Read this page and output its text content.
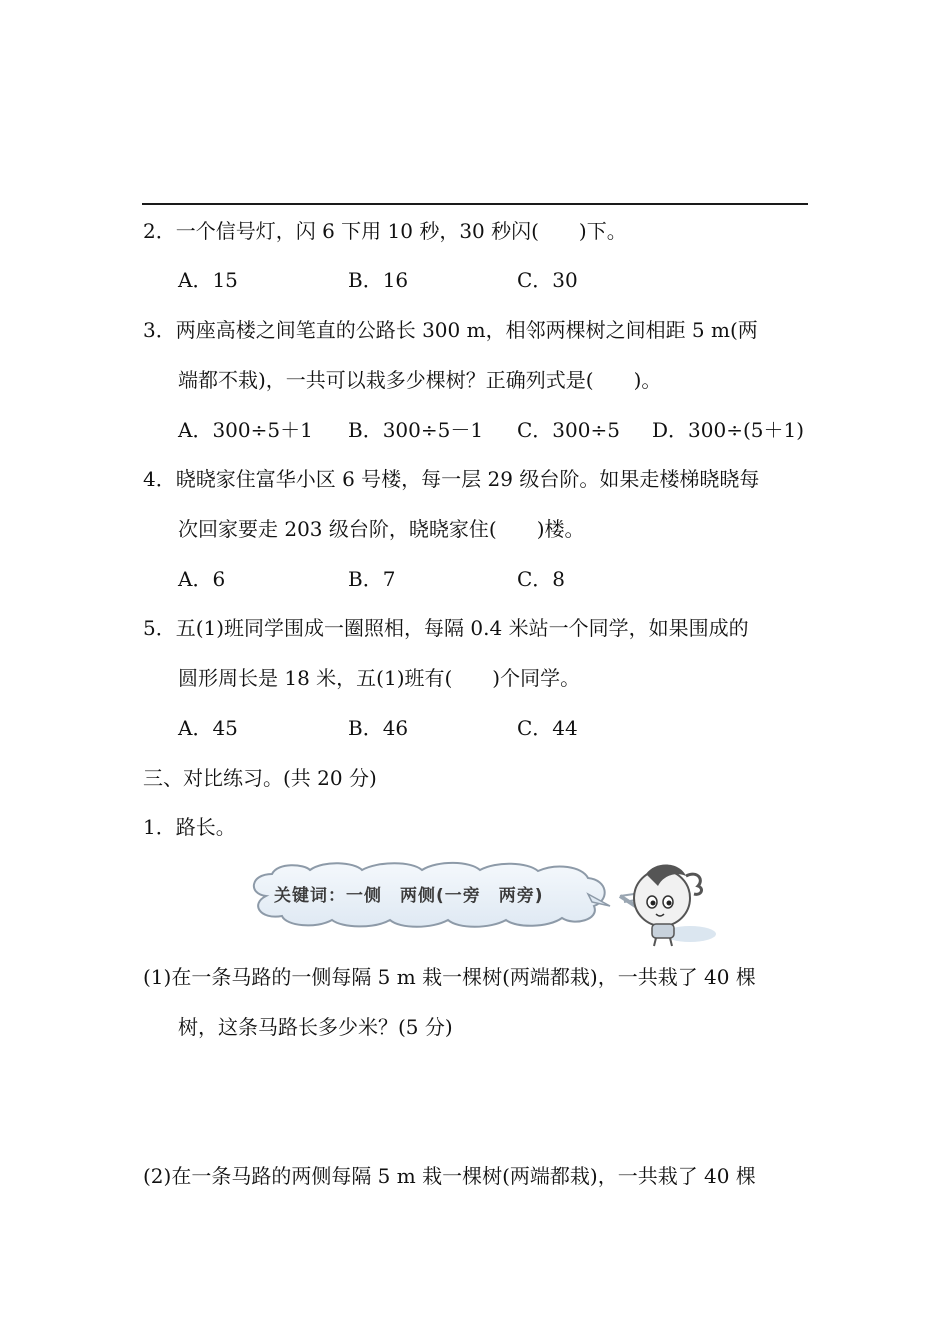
2．一个信号灯，闪 6 下用 10 秒，30 秒闪(　　)下。
A．15	B．16	C．30
3．两座高楼之间笔直的公路长 300 m，相邻两棵树之间相距 5 m(两
端都不栽)，一共可以栽多少棵树？正确列式是(　　)。
A．300÷5＋1 B．300÷5－1 C．300÷5 D．300÷(5＋1)
4．晓晓家住富华小区 6 号楼，每一层 29 级台阶。如果走楼梯晓晓每
次回家要走 203 级台阶，晓晓家住(　　)楼。
A．6	B．7	C．8
5．五(1)班同学围成一圈照相，每隔 0.4 米站一个同学，如果围成的
圆形周长是 18 米，五(1)班有(　　)个同学。
A．45	B．46	C．44
三、对比练习。(共 20 分)
1．路长。
关键词：一侧　两侧(一旁　两旁)
(1)在一条马路的一侧每隔 5 m 栽一棵树(两端都栽)，一共栽了 40 棵
树，这条马路长多少米？(5 分)
(2)在一条马路的两侧每隔 5 m 栽一棵树(两端都栽)，一共栽了 40 棵
